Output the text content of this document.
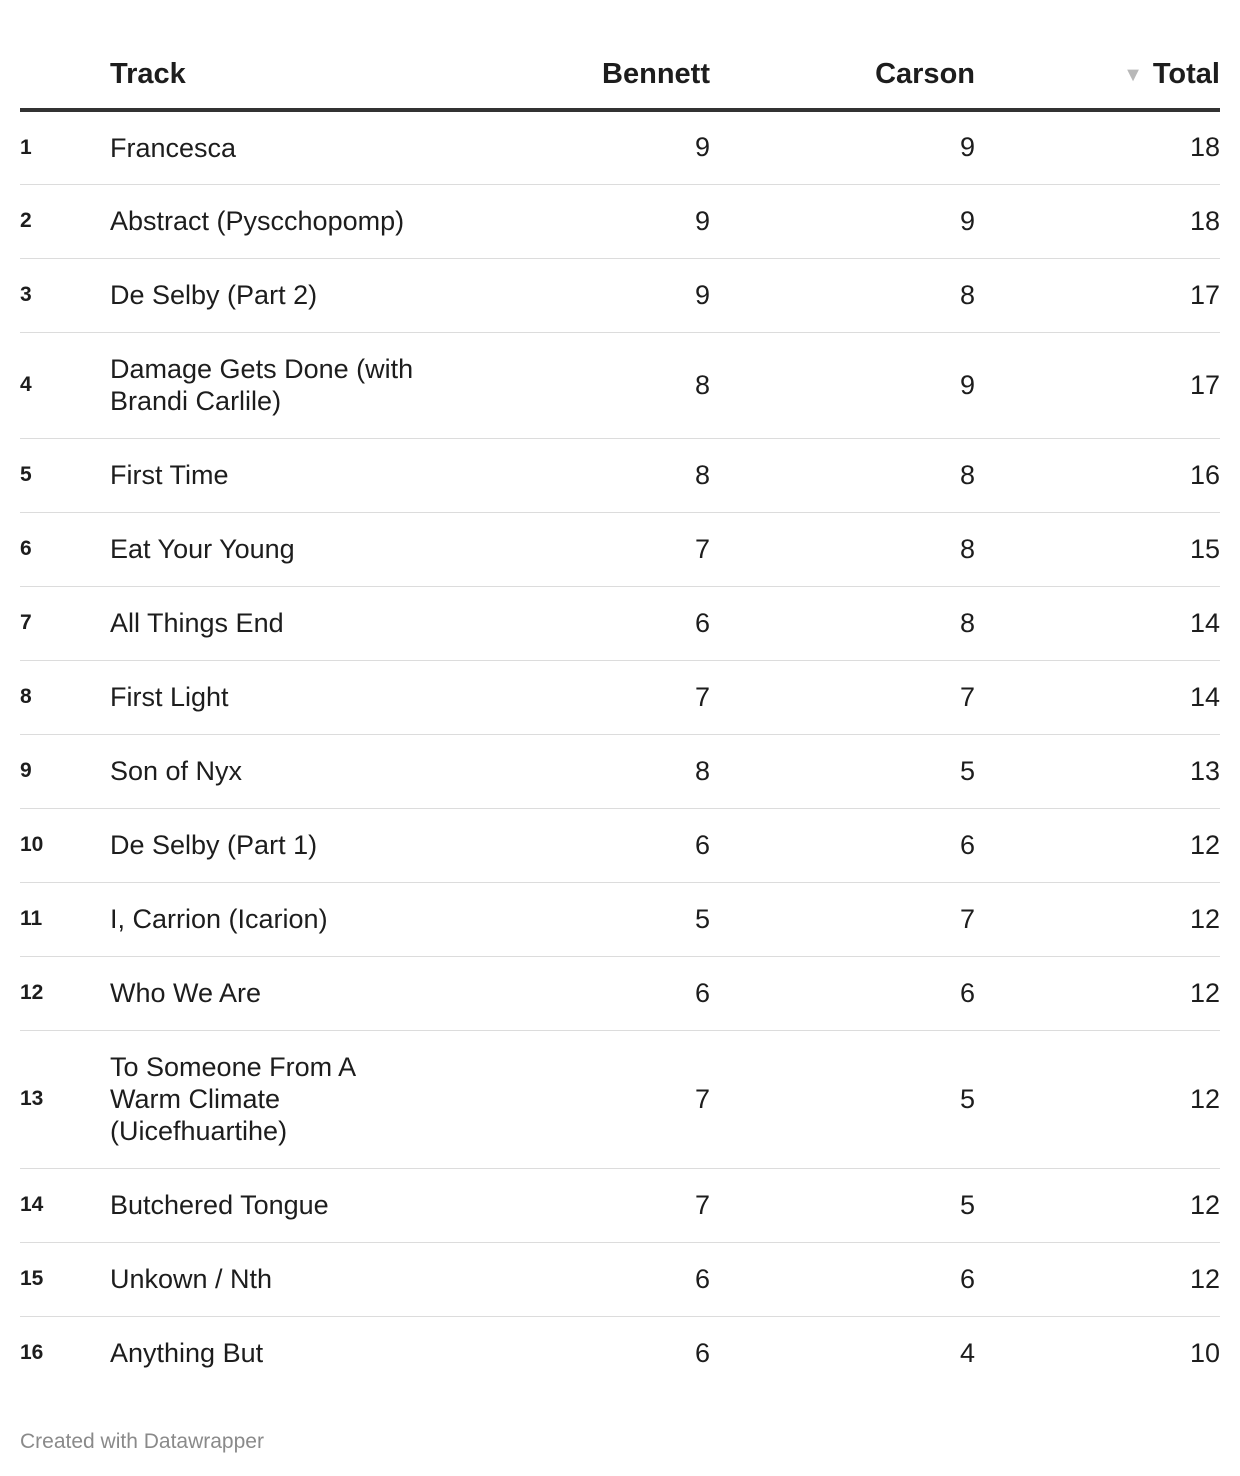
	Track	Bennett	Carson	▼ Total
1	Francesca	9	9	18
2	Abstract (Pyscchopomp)	9	9	18
3	De Selby (Part 2)	9	8	17
4	Damage Gets Done (with Brandi Carlile)	8	9	17
5	First Time	8	8	16
6	Eat Your Young	7	8	15
7	All Things End	6	8	14
8	First Light	7	7	14
9	Son of Nyx	8	5	13
10	De Selby (Part 1)	6	6	12
11	I, Carrion (Icarion)	5	7	12
12	Who We Are	6	6	12
13	To Someone From A Warm Climate (Uicefhuartihe)	7	5	12
14	Butchered Tongue	7	5	12
15	Unkown / Nth	6	6	12
16	Anything But	6	4	10
Created with Datawrapper
